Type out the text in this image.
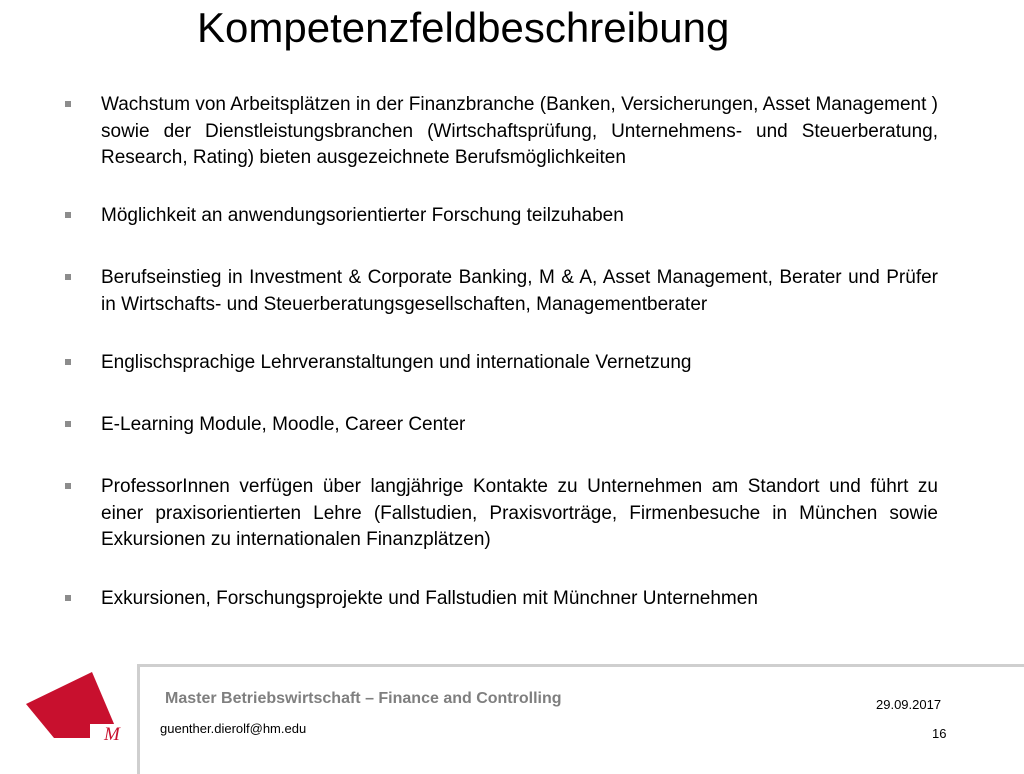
Kompetenzfeldbeschreibung
Wachstum von Arbeitsplätzen in der Finanzbranche (Banken, Versicherungen, Asset Management ) sowie der Dienstleistungsbranchen (Wirtschaftsprüfung, Unternehmens- und Steuerberatung, Research, Rating) bieten ausgezeichnete Berufsmöglichkeiten
Möglichkeit an anwendungsorientierter Forschung teilzuhaben
Berufseinstieg in Investment & Corporate Banking, M & A, Asset Management, Berater und Prüfer in Wirtschafts- und Steuerberatungsgesellschaften, Managementberater
Englischsprachige Lehrveranstaltungen und internationale Vernetzung
E-Learning Module, Moodle, Career Center
ProfessorInnen verfügen über langjährige Kontakte zu Unternehmen am Standort und führt zu einer praxisorientierten Lehre (Fallstudien, Praxisvorträge, Firmenbesuche in München sowie Exkursionen zu internationalen Finanzplätzen)
Exkursionen, Forschungsprojekte und Fallstudien mit Münchner Unternehmen
M
Master Betriebswirtschaft – Finance and Controlling
guenther.dierolf@hm.edu
29.09.2017
16
